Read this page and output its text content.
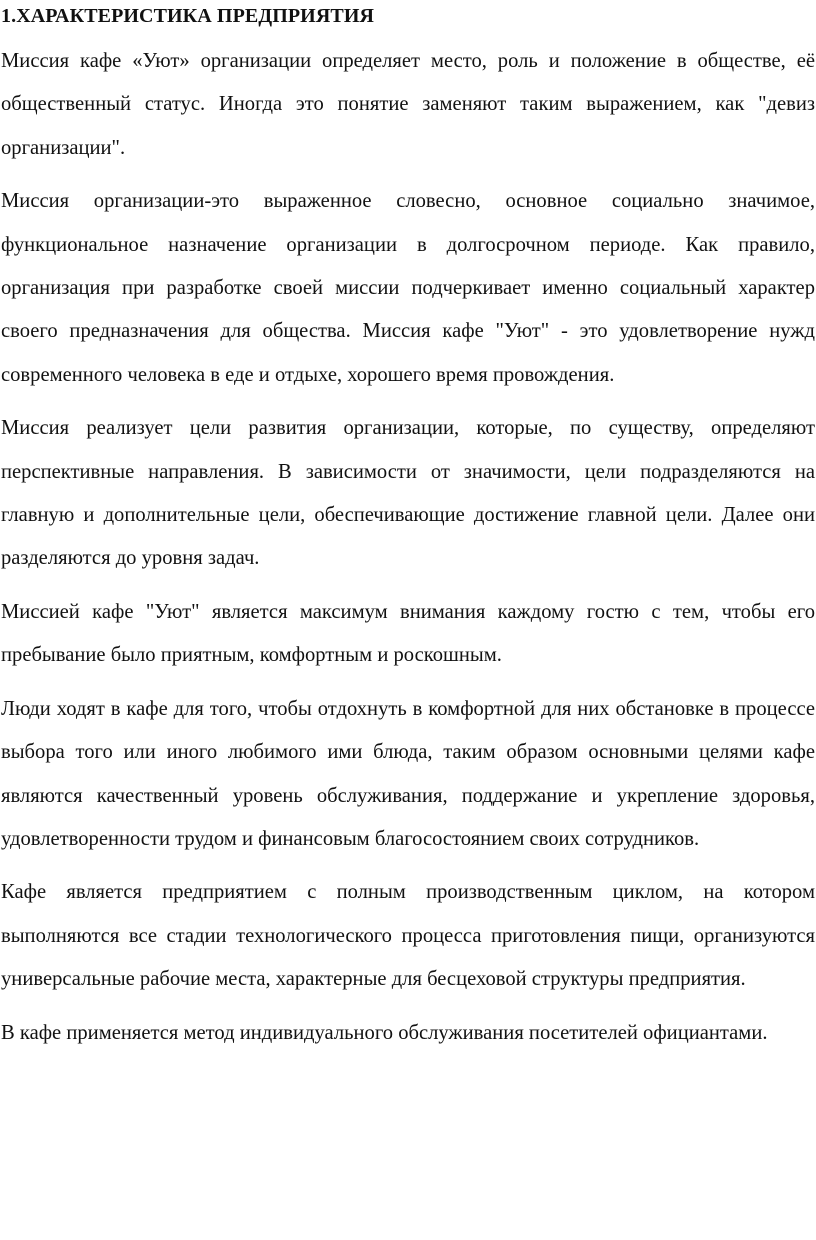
1.ХАРАКТЕРИСТИКА ПРЕДПРИЯТИЯ

Миссия кафе «Уют» организации определяет место, роль и положение в обществе, её общественный статус. Иногда это понятие заменяют таким выражением, как "девиз организации".

Миссия организации-это выраженное словесно, основное социально значимое, функциональное назначение организации в долгосрочном периоде. Как правило, организация при разработке своей миссии подчеркивает именно социальный характер своего предназначения для общества. Миссия кафе "Уют" - это удовлетворение нужд современного человека в еде и отдыхе, хорошего время провождения.

Миссия реализует цели развития организации, которые, по существу, определяют перспективные направления. В зависимости от значимости, цели подразделяются на главную и дополнительные цели, обеспечивающие достижение главной цели. Далее они разделяются до уровня задач.

Миссией кафе "Уют" является максимум внимания каждому гостю с тем, чтобы его пребывание было приятным, комфортным и роскошным.

Люди ходят в кафе для того, чтобы отдохнуть в комфортной для них обстановке в процессе выбора того или иного любимого ими блюда, таким образом основными целями кафе являются качественный уровень обслуживания, поддержание и укрепление здоровья, удовлетворенности трудом и финансовым благосостоянием своих сотрудников.

Кафе является предприятием с полным производственным циклом, на котором выполняются все стадии технологического процесса приготовления пищи, организуются универсальные рабочие места, характерные для бесцеховой структуры предприятия.

В кафе применяется метод индивидуального обслуживания посетителей официантами.
